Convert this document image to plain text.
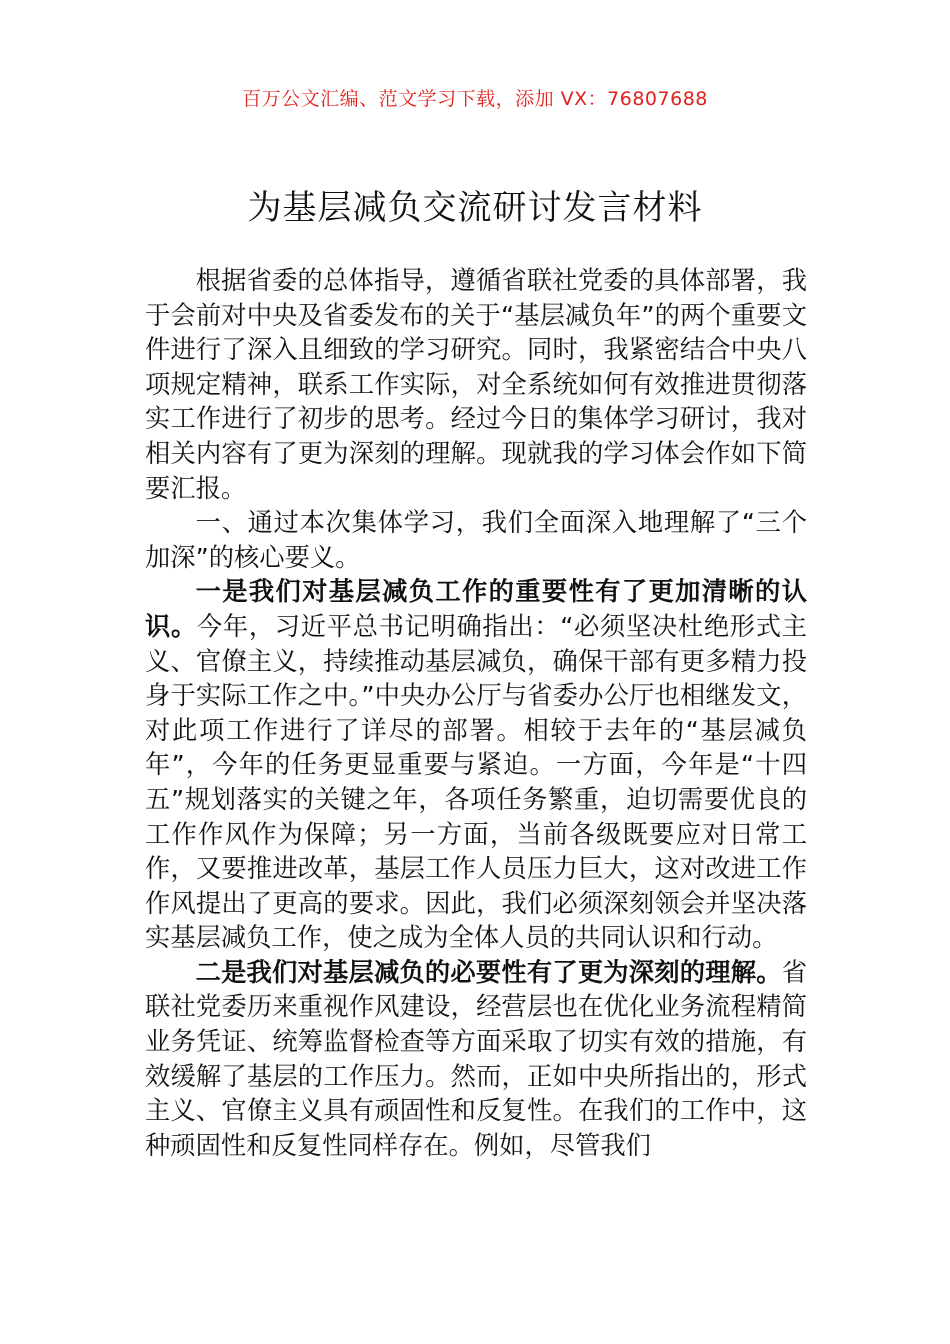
百万公文汇编、范文学习下载，添加 VX：76807688
为基层减负交流研讨发言材料

根据省委的总体指导，遵循省联社党委的具体部署，我于会前对中央及省委发布的关于“基层减负年”的两个重要文件进行了深入且细致的学习研究。同时，我紧密结合中央八项规定精神，联系工作实际，对全系统如何有效推进贯彻落实工作进行了初步的思考。经过今日的集体学习研讨，我对相关内容有了更为深刻的理解。现就我的学习体会作如下简要汇报。

一、通过本次集体学习，我们全面深入地理解了“三个加深”的核心要义。

一是我们对基层减负工作的重要性有了更加清晰的认识。今年，习近平总书记明确指出：“必须坚决杜绝形式主义、官僚主义，持续推动基层减负，确保干部有更多精力投身于实际工作之中。”中央办公厅与省委办公厅也相继发文，对此项工作进行了详尽的部署。相较于去年的“基层减负年”，今年的任务更显重要与紧迫。一方面，今年是“十四五”规划落实的关键之年，各项任务繁重，迫切需要优良的工作作风作为保障；另一方面，当前各级既要应对日常工作，又要推进改革，基层工作人员压力巨大，这对改进工作作风提出了更高的要求。因此，我们必须深刻领会并坚决落实基层减负工作，使之成为全体人员的共同认识和行动。

二是我们对基层减负的必要性有了更为深刻的理解。省联社党委历来重视作风建设，经营层也在优化业务流程精简业务凭证、统筹监督检查等方面采取了切实有效的措施，有效缓解了基层的工作压力。然而，正如中央所指出的，形式主义、官僚主义具有顽固性和反复性。在我们的工作中，这种顽固性和反复性同样存在。例如，尽管我们
